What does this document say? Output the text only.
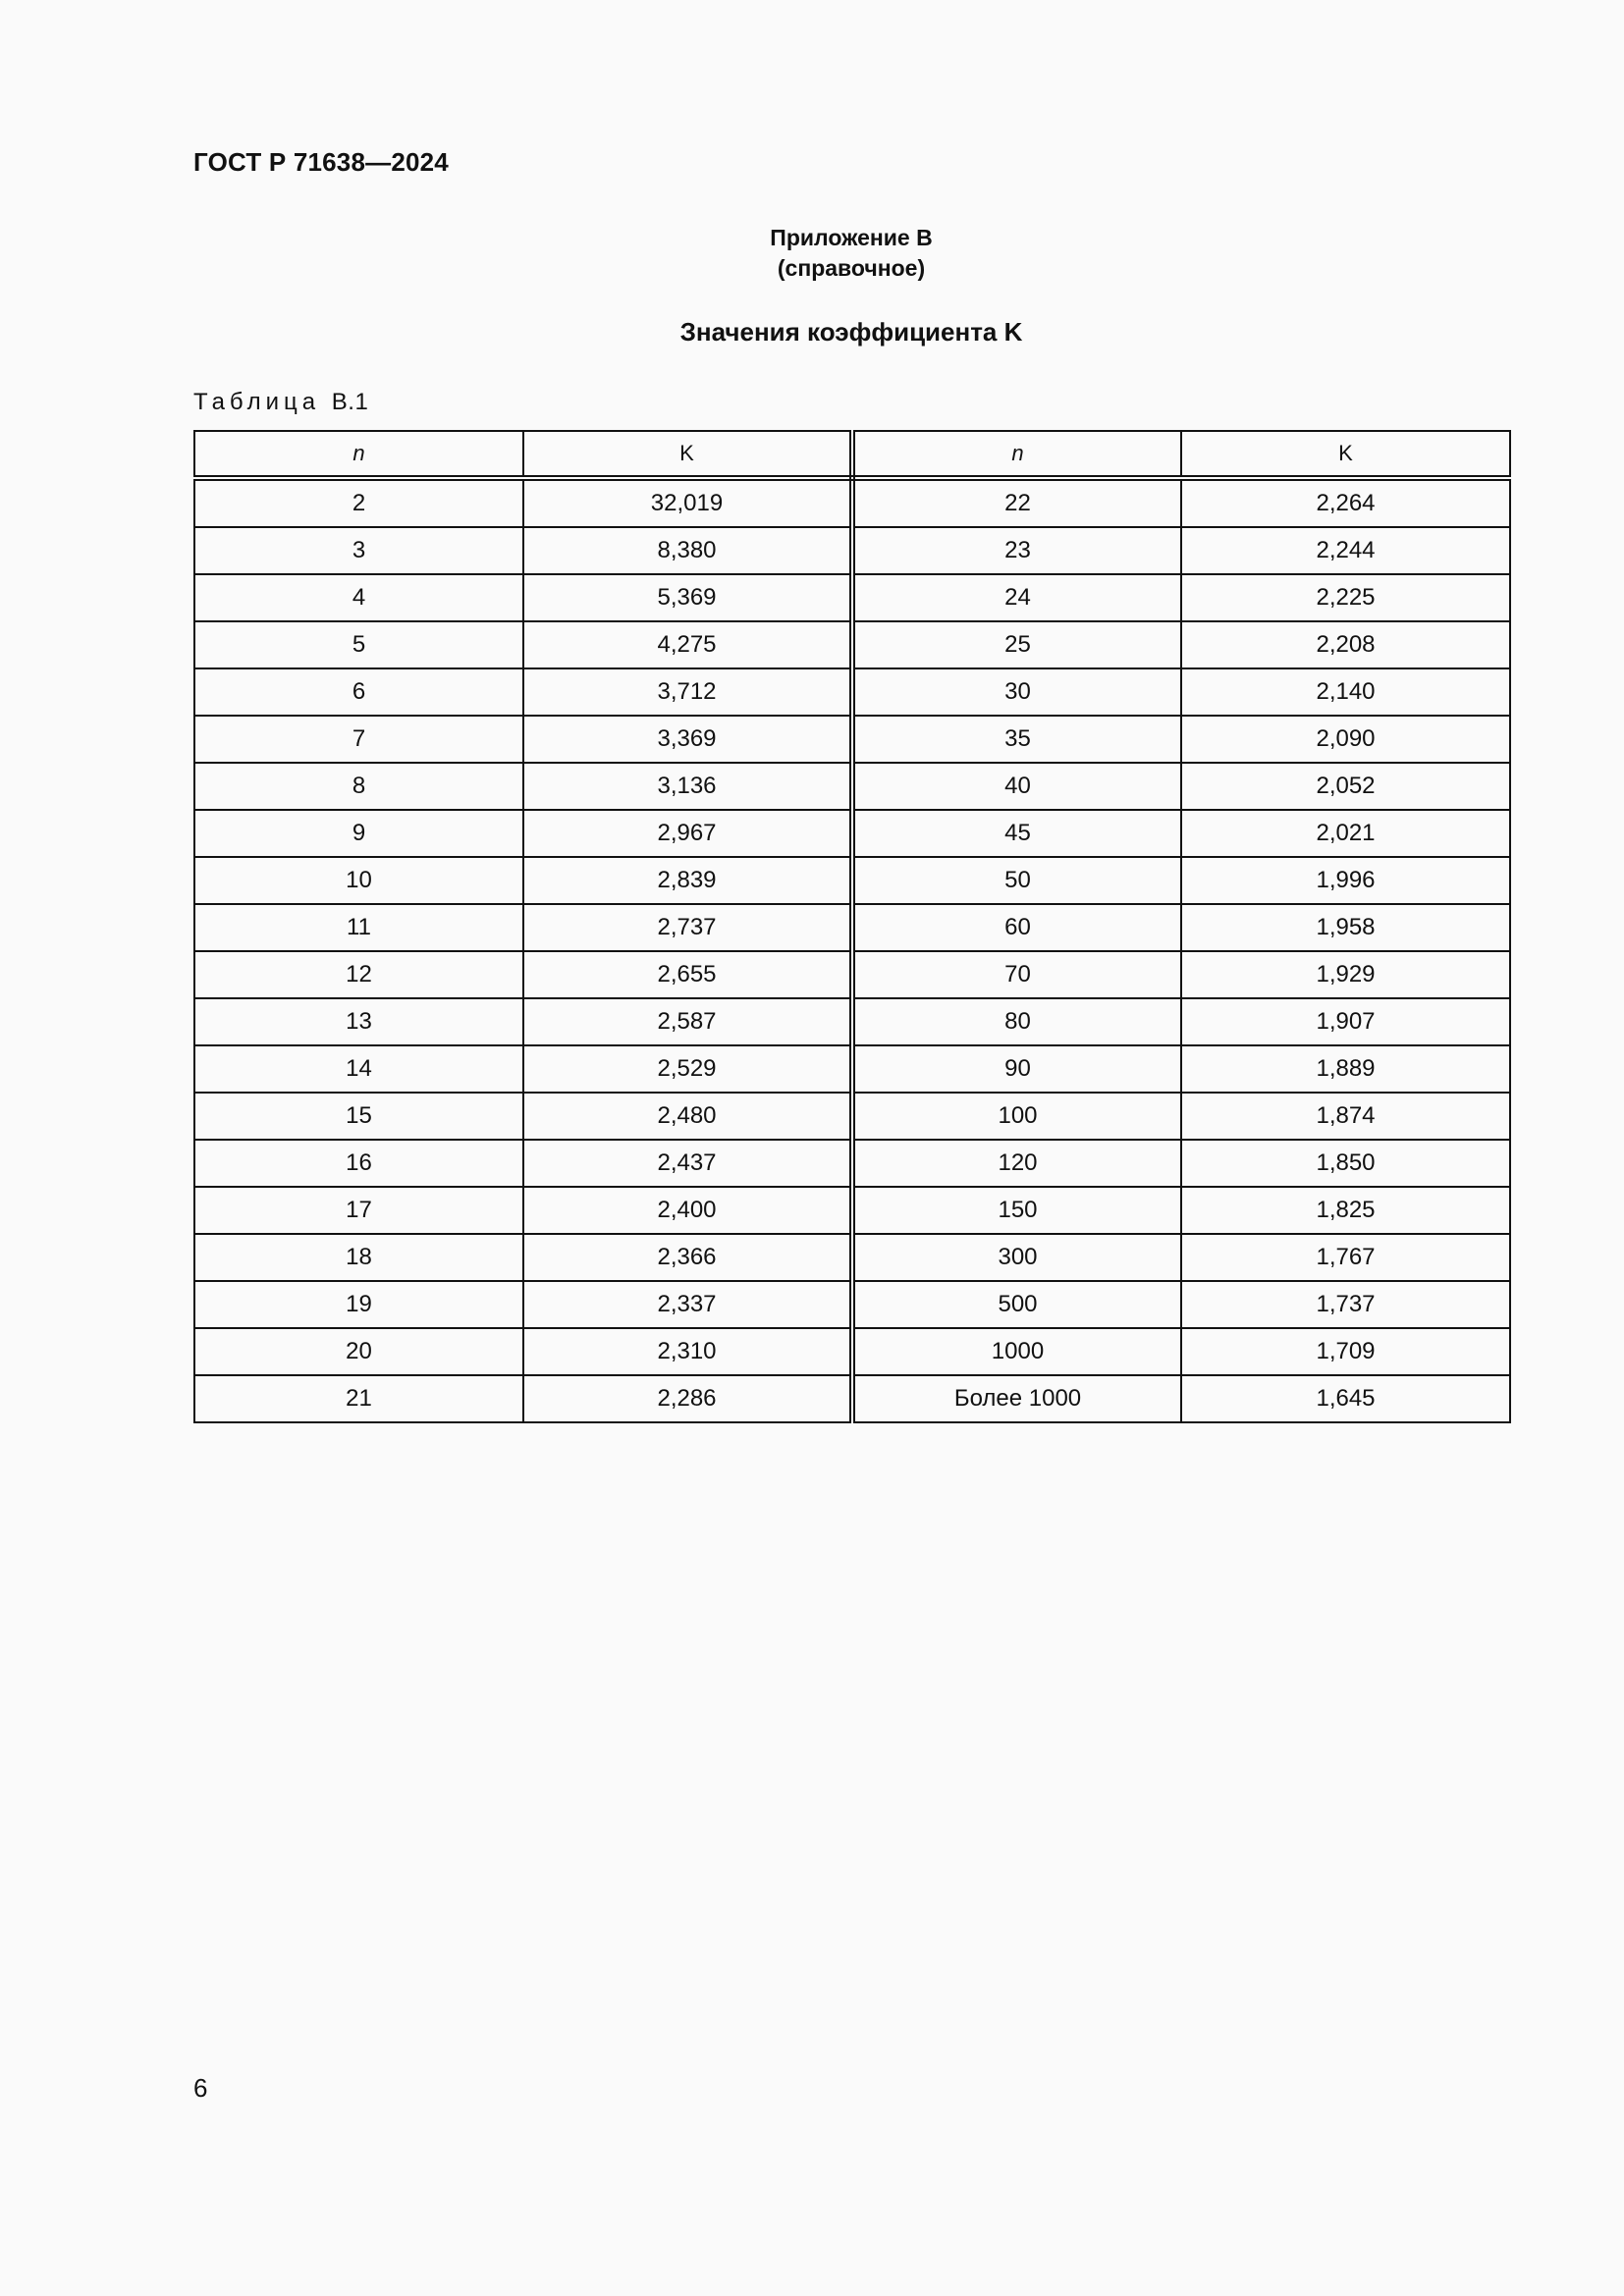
ГОСТ Р 71638—2024
Приложение В
(справочное)
Значения коэффициента K
Таблица В.1
n	K	n	K
2	32,019	22	2,264
3	8,380	23	2,244
4	5,369	24	2,225
5	4,275	25	2,208
6	3,712	30	2,140
7	3,369	35	2,090
8	3,136	40	2,052
9	2,967	45	2,021
10	2,839	50	1,996
11	2,737	60	1,958
12	2,655	70	1,929
13	2,587	80	1,907
14	2,529	90	1,889
15	2,480	100	1,874
16	2,437	120	1,850
17	2,400	150	1,825
18	2,366	300	1,767
19	2,337	500	1,737
20	2,310	1000	1,709
21	2,286	Более 1000	1,645
6
